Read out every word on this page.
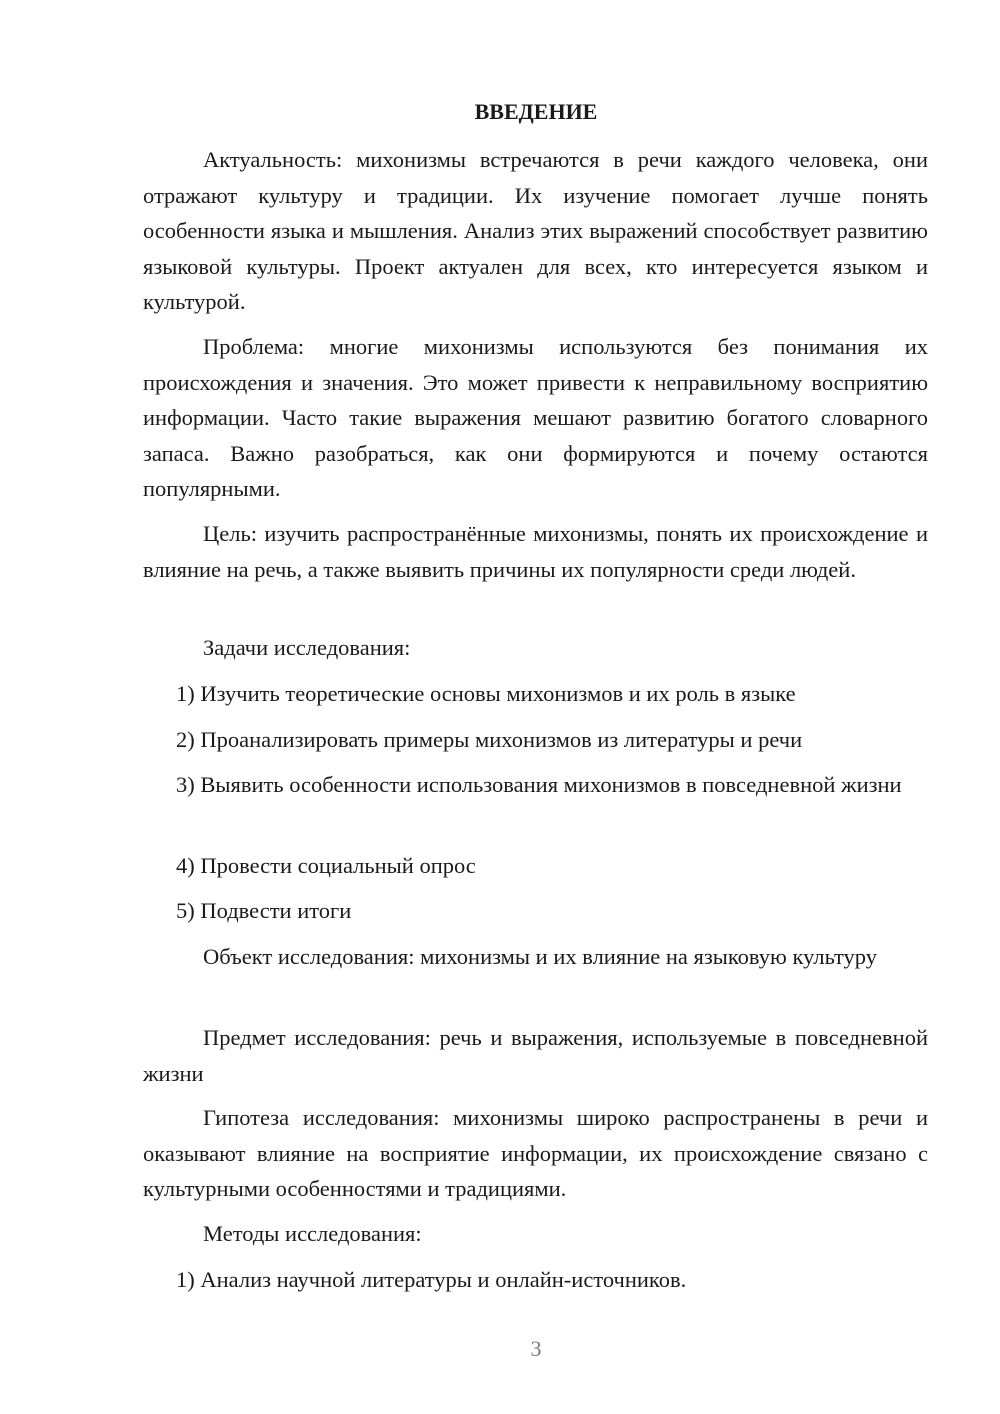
ВВЕДЕНИЕ

Актуальность: михонизмы встречаются в речи каждого человека, они отражают культуру и традиции. Их изучение помогает лучше понять особенности языка и мышления. Анализ этих выражений способствует развитию языковой культуры. Проект актуален для всех, кто интересуется языком и культурой.

Проблема: многие михонизмы используются без понимания их происхождения и значения. Это может привести к неправильному восприятию информации. Часто такие выражения мешают развитию богатого словарного запаса. Важно разобраться, как они формируются и почему остаются популярными.

Цель: изучить распространённые михонизмы, понять их происхождение и влияние на речь, а также выявить причины их популярности среди людей.

Задачи исследования:

1) Изучить теоретические основы михонизмов и их роль в языке

2) Проанализировать примеры михонизмов из литературы и речи

3) Выявить особенности использования михонизмов в повседневной жизни

4) Провести социальный опрос

5) Подвести итоги

Объект исследования: михонизмы и их влияние на языковую культуру

Предмет исследования: речь и выражения, используемые в повседневной жизни

Гипотеза исследования: михонизмы широко распространены в речи и оказывают влияние на восприятие информации, их происхождение связано с культурными особенностями и традициями.

Методы исследования:

1) Анализ научной литературы и онлайн-источников.

3
